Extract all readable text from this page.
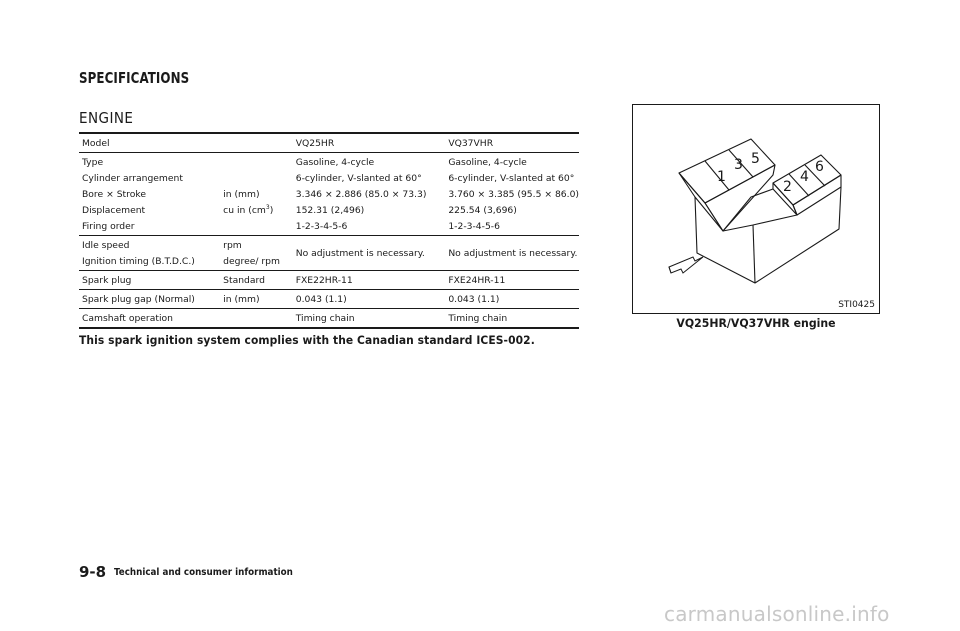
SPECIFICATIONS
ENGINE
Model		VQ25HR	VQ37VHR
Type		Gasoline, 4-cycle	Gasoline, 4-cycle
Cylinder arrangement		6-cylinder, V-slanted at 60°	6-cylinder, V-slanted at 60°
Bore × Stroke	in (mm)	3.346 × 2.886 (85.0 × 73.3)	3.760 × 3.385 (95.5 × 86.0)
Displacement	cu in $(cm^3)$	152.31 (2,496)	225.54 (3,696)
Firing order		1-2-3-4-5-6	1-2-3-4-5-6
Idle speed	rpm	No adjustment is necessary.	No adjustment is necessary.
Ignition timing (B.T.D.C.)	degree/ rpm		
Spark plug	Standard	FXE22HR-11	FXE24HR-11
Spark plug gap (Normal)	in (mm)	0.043 (1.1)	0.043 (1.1)
Camshaft operation		Timing chain	Timing chain
This spark ignition system complies with the Canadian standard ICES-002.
1
3 5
2
4
6
STI0425
VQ25HR/VQ37VHR engine
9-8 Technical and consumer information
carmanualsonline.info
